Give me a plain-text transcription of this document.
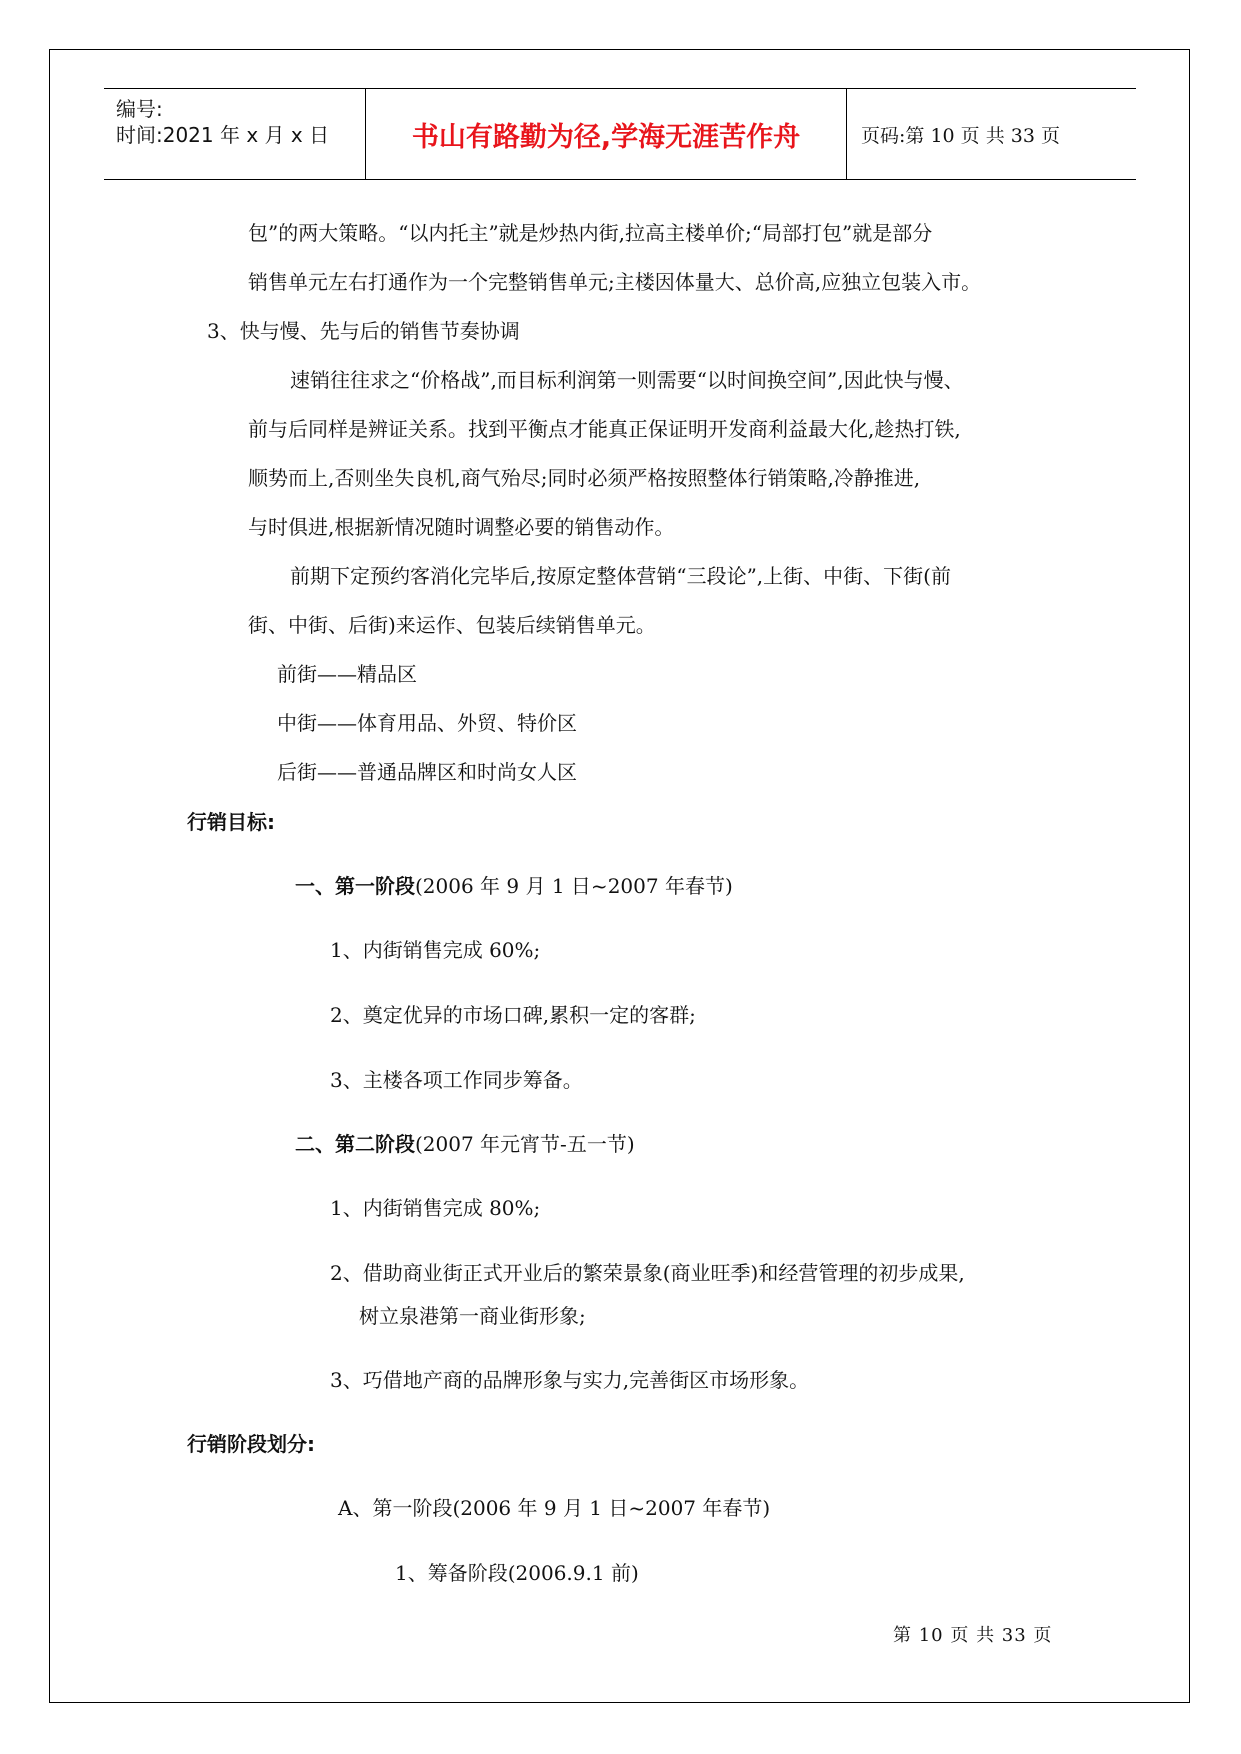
编号:
时间:2021 年 x 月 x 日	书山有路勤为径,学海无涯苦作舟	页码:第 10 页 共 33 页
包”的两大策略。“以内托主”就是炒热内街,拉高主楼单价;“局部打包”就是部分
销售单元左右打通作为一个完整销售单元;主楼因体量大、总价高,应独立包装入市。
3、快与慢、先与后的销售节奏协调
速销往往求之“价格战”,而目标利润第一则需要“以时间换空间”,因此快与慢、
前与后同样是辨证关系。找到平衡点才能真正保证明开发商利益最大化,趁热打铁,
顺势而上,否则坐失良机,商气殆尽;同时必须严格按照整体行销策略,冷静推进,
与时俱进,根据新情况随时调整必要的销售动作。
前期下定预约客消化完毕后,按原定整体营销“三段论”,上街、中街、下街(前
街、中街、后街)来运作、包装后续销售单元。
前街——精品区
中街——体育用品、外贸、特价区
后街——普通品牌区和时尚女人区
行销目标:
一、第一阶段(2006 年 9 月 1 日~2007 年春节)
1、内街销售完成 60%;
2、奠定优异的市场口碑,累积一定的客群;
3、主楼各项工作同步筹备。
二、第二阶段(2007 年元宵节-五一节)
1、内街销售完成 80%;
2、借助商业街正式开业后的繁荣景象(商业旺季)和经营管理的初步成果,
树立泉港第一商业街形象;
3、巧借地产商的品牌形象与实力,完善街区市场形象。
行销阶段划分:
A、第一阶段(2006 年 9 月 1 日~2007 年春节)
1、筹备阶段(2006.9.1 前)
第 10 页 共 33 页
